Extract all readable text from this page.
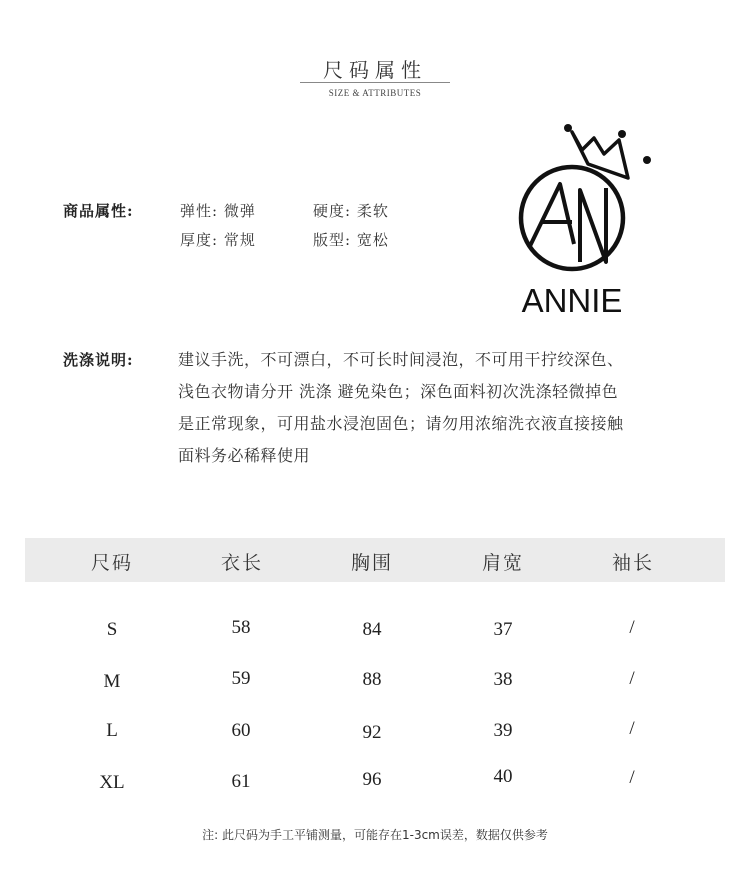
尺码属性
SIZE & ATTRIBUTES
商品属性:	弹性: 微弹	硬度: 柔软
厚度: 常规	版型: 宽松
ANNIE
洗涤说明:	建议手洗，不可漂白，不可长时间浸泡，不可用干拧绞深色、
浅色衣物请分开 洗涤 避免染色；深色面料初次洗涤轻微掉色
是正常现象，可用盐水浸泡固色；请勿用浓缩洗衣液直接接触
面料务必稀释使用
尺码	衣长	胸围	肩宽	袖长
S	58	84	37	/
M	59	88	38	/
L	60	92	39	/
XL	61	96	40	/
注: 此尺码为手工平铺测量，可能存在1-3cm误差，数据仅供参考
